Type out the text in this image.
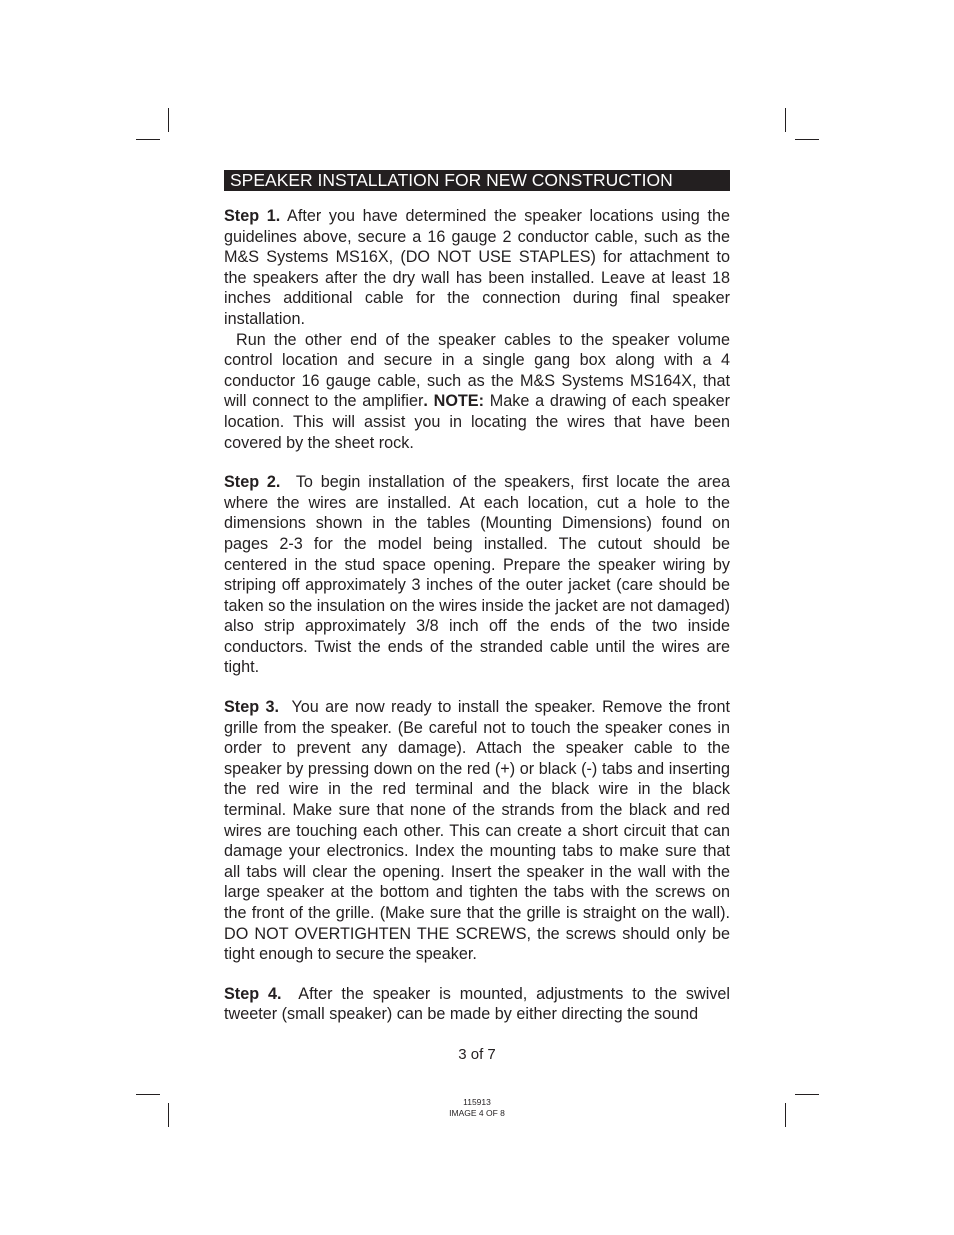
SPEAKER INSTALLATION FOR NEW CONSTRUCTION

Step 1. After you have determined the speaker locations using the guidelines above, secure a 16 gauge 2 conductor cable, such as the M&S Systems MS16X, (DO NOT USE STAPLES) for attachment to the speakers after the dry wall has been installed. Leave at least 18 inches additional cable for the connection during final speaker installation.

Run the other end of the speaker cables to the speaker volume control location and secure in a single gang box along with a 4 conductor 16 gauge cable, such as the M&S Systems MS164X, that will connect to the amplifier. NOTE: Make a drawing of each speaker location. This will assist you in locating the wires that have been covered by the sheet rock.

Step 2. To begin installation of the speakers, first locate the area where the wires are installed. At each location, cut a hole to the dimensions shown in the tables (Mounting Dimensions) found on pages 2-3 for the model being installed. The cutout should be centered in the stud space opening. Prepare the speaker wiring by striping off approximately 3 inches of the outer jacket (care should be taken so the insulation on the wires inside the jacket are not damaged) also strip approximately 3/8 inch off the ends of the two inside conductors. Twist the ends of the stranded cable until the wires are tight.

Step 3. You are now ready to install the speaker. Remove the front grille from the speaker. (Be careful not to touch the speaker cones in order to prevent any damage). Attach the speaker cable to the speaker by pressing down on the red (+) or black (-) tabs and inserting the red wire in the red terminal and the black wire in the black terminal. Make sure that none of the strands from the black and red wires are touching each other. This can create a short circuit that can damage your electronics. Index the mounting tabs to make sure that all tabs will clear the opening. Insert the speaker in the wall with the large speaker at the bottom and tighten the tabs with the screws on the front of the grille. (Make sure that the grille is straight on the wall). DO NOT OVERTIGHTEN THE SCREWS, the screws should only be tight enough to secure the speaker.

Step 4. After the speaker is mounted, adjustments to the swivel tweeter (small speaker) can be made by either directing the sound

3 of 7
115913
IMAGE 4 OF 8
